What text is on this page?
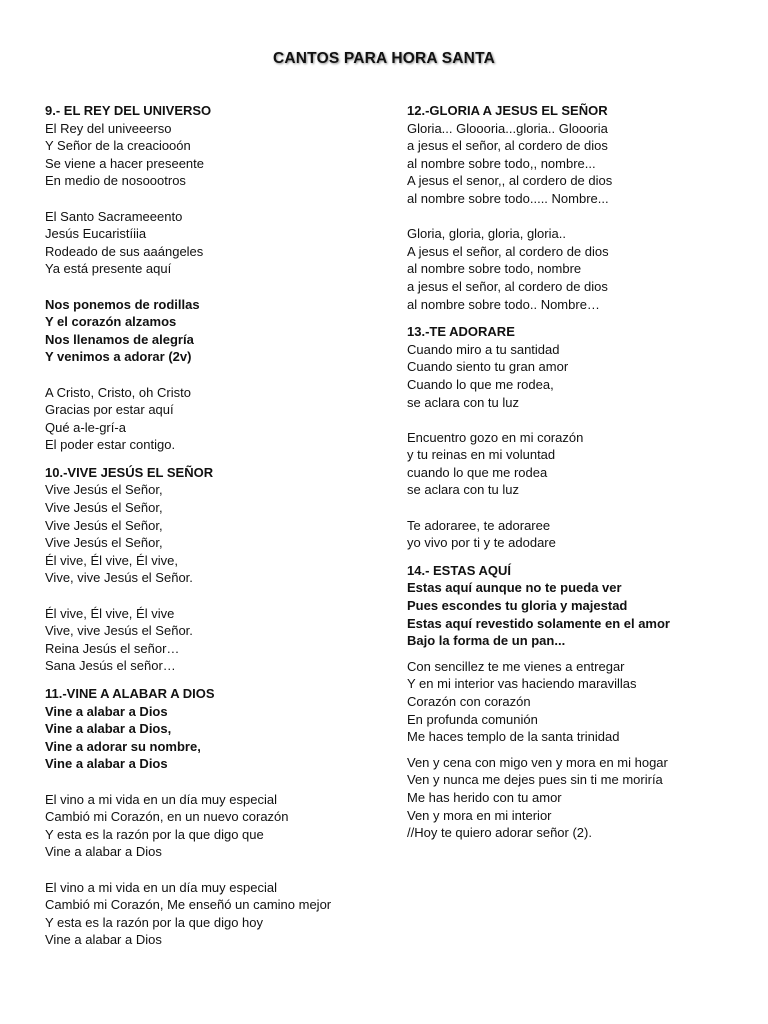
CANTOS PARA HORA SANTA
9.- EL REY DEL UNIVERSO
El Rey del univeeerso
Y Señor de la creaciooón
Se viene a hacer preseente
En medio de nosoootros
El Santo Sacrameeento
Jesús Eucaristíiia
Rodeado de sus aaángeles
Ya está presente aquí
Nos ponemos de rodillas
Y el corazón alzamos
Nos llenamos de alegría
Y venimos a adorar (2v)
A Cristo, Cristo, oh Cristo
Gracias por estar aquí
Qué a-le-grí-a
El poder estar contigo.
10.-VIVE JESÚS EL SEÑOR
Vive Jesús el Señor,
Vive Jesús el Señor,
Vive Jesús el Señor,
Vive Jesús el Señor,
Él vive, Él vive, Él vive,
Vive, vive Jesús el Señor.
Él vive, Él vive, Él vive
Vive, vive Jesús el Señor.
Reina Jesús el señor…
Sana Jesús el señor…
11.-VINE A ALABAR A DIOS
Vine a alabar a Dios
Vine a alabar a Dios,
Vine a adorar su nombre,
Vine a alabar a Dios
El vino a mi vida en un día muy especial
Cambió mi Corazón, en un nuevo corazón
Y esta es la razón por la que digo que
Vine a alabar a Dios
El vino a mi vida en un día muy especial
Cambió mi Corazón, Me enseñó un camino mejor
Y esta es la razón por la que digo hoy
Vine a alabar a Dios
12.-GLORIA A JESUS EL SEÑOR
Gloria... Gloooria...gloria.. Gloooria
a jesus el señor, al cordero de dios
al nombre sobre todo,, nombre...
A jesus el senor,, al cordero de dios
al nombre sobre todo..... Nombre...
Gloria, gloria, gloria, gloria..
A jesus el señor, al cordero de dios
al nombre sobre todo, nombre
a jesus el señor, al cordero de dios
al nombre sobre todo.. Nombre…
13.-TE ADORARE
Cuando miro a tu santidad
Cuando siento tu gran amor
Cuando lo que me rodea,
se aclara con tu luz
Encuentro gozo en mi corazón
y tu reinas en mi voluntad
cuando lo que me rodea
se aclara con tu luz
Te adoraree, te adoraree
yo vivo por ti y te adodare
14.- ESTAS AQUÍ
Estas aquí aunque no te pueda ver
Pues escondes tu gloria y majestad
Estas aquí revestido solamente en el amor
Bajo la forma de un pan...
Con sencillez te me vienes a entregar
Y en mi interior vas haciendo maravillas
Corazón con corazón
En profunda comunión
Me haces templo de la santa trinidad
Ven y cena con migo ven y mora en mi hogar
Ven y nunca me dejes pues sin ti me moriría
Me has herido con tu amor
Ven y mora en mi interior
//Hoy te quiero adorar señor (2).
